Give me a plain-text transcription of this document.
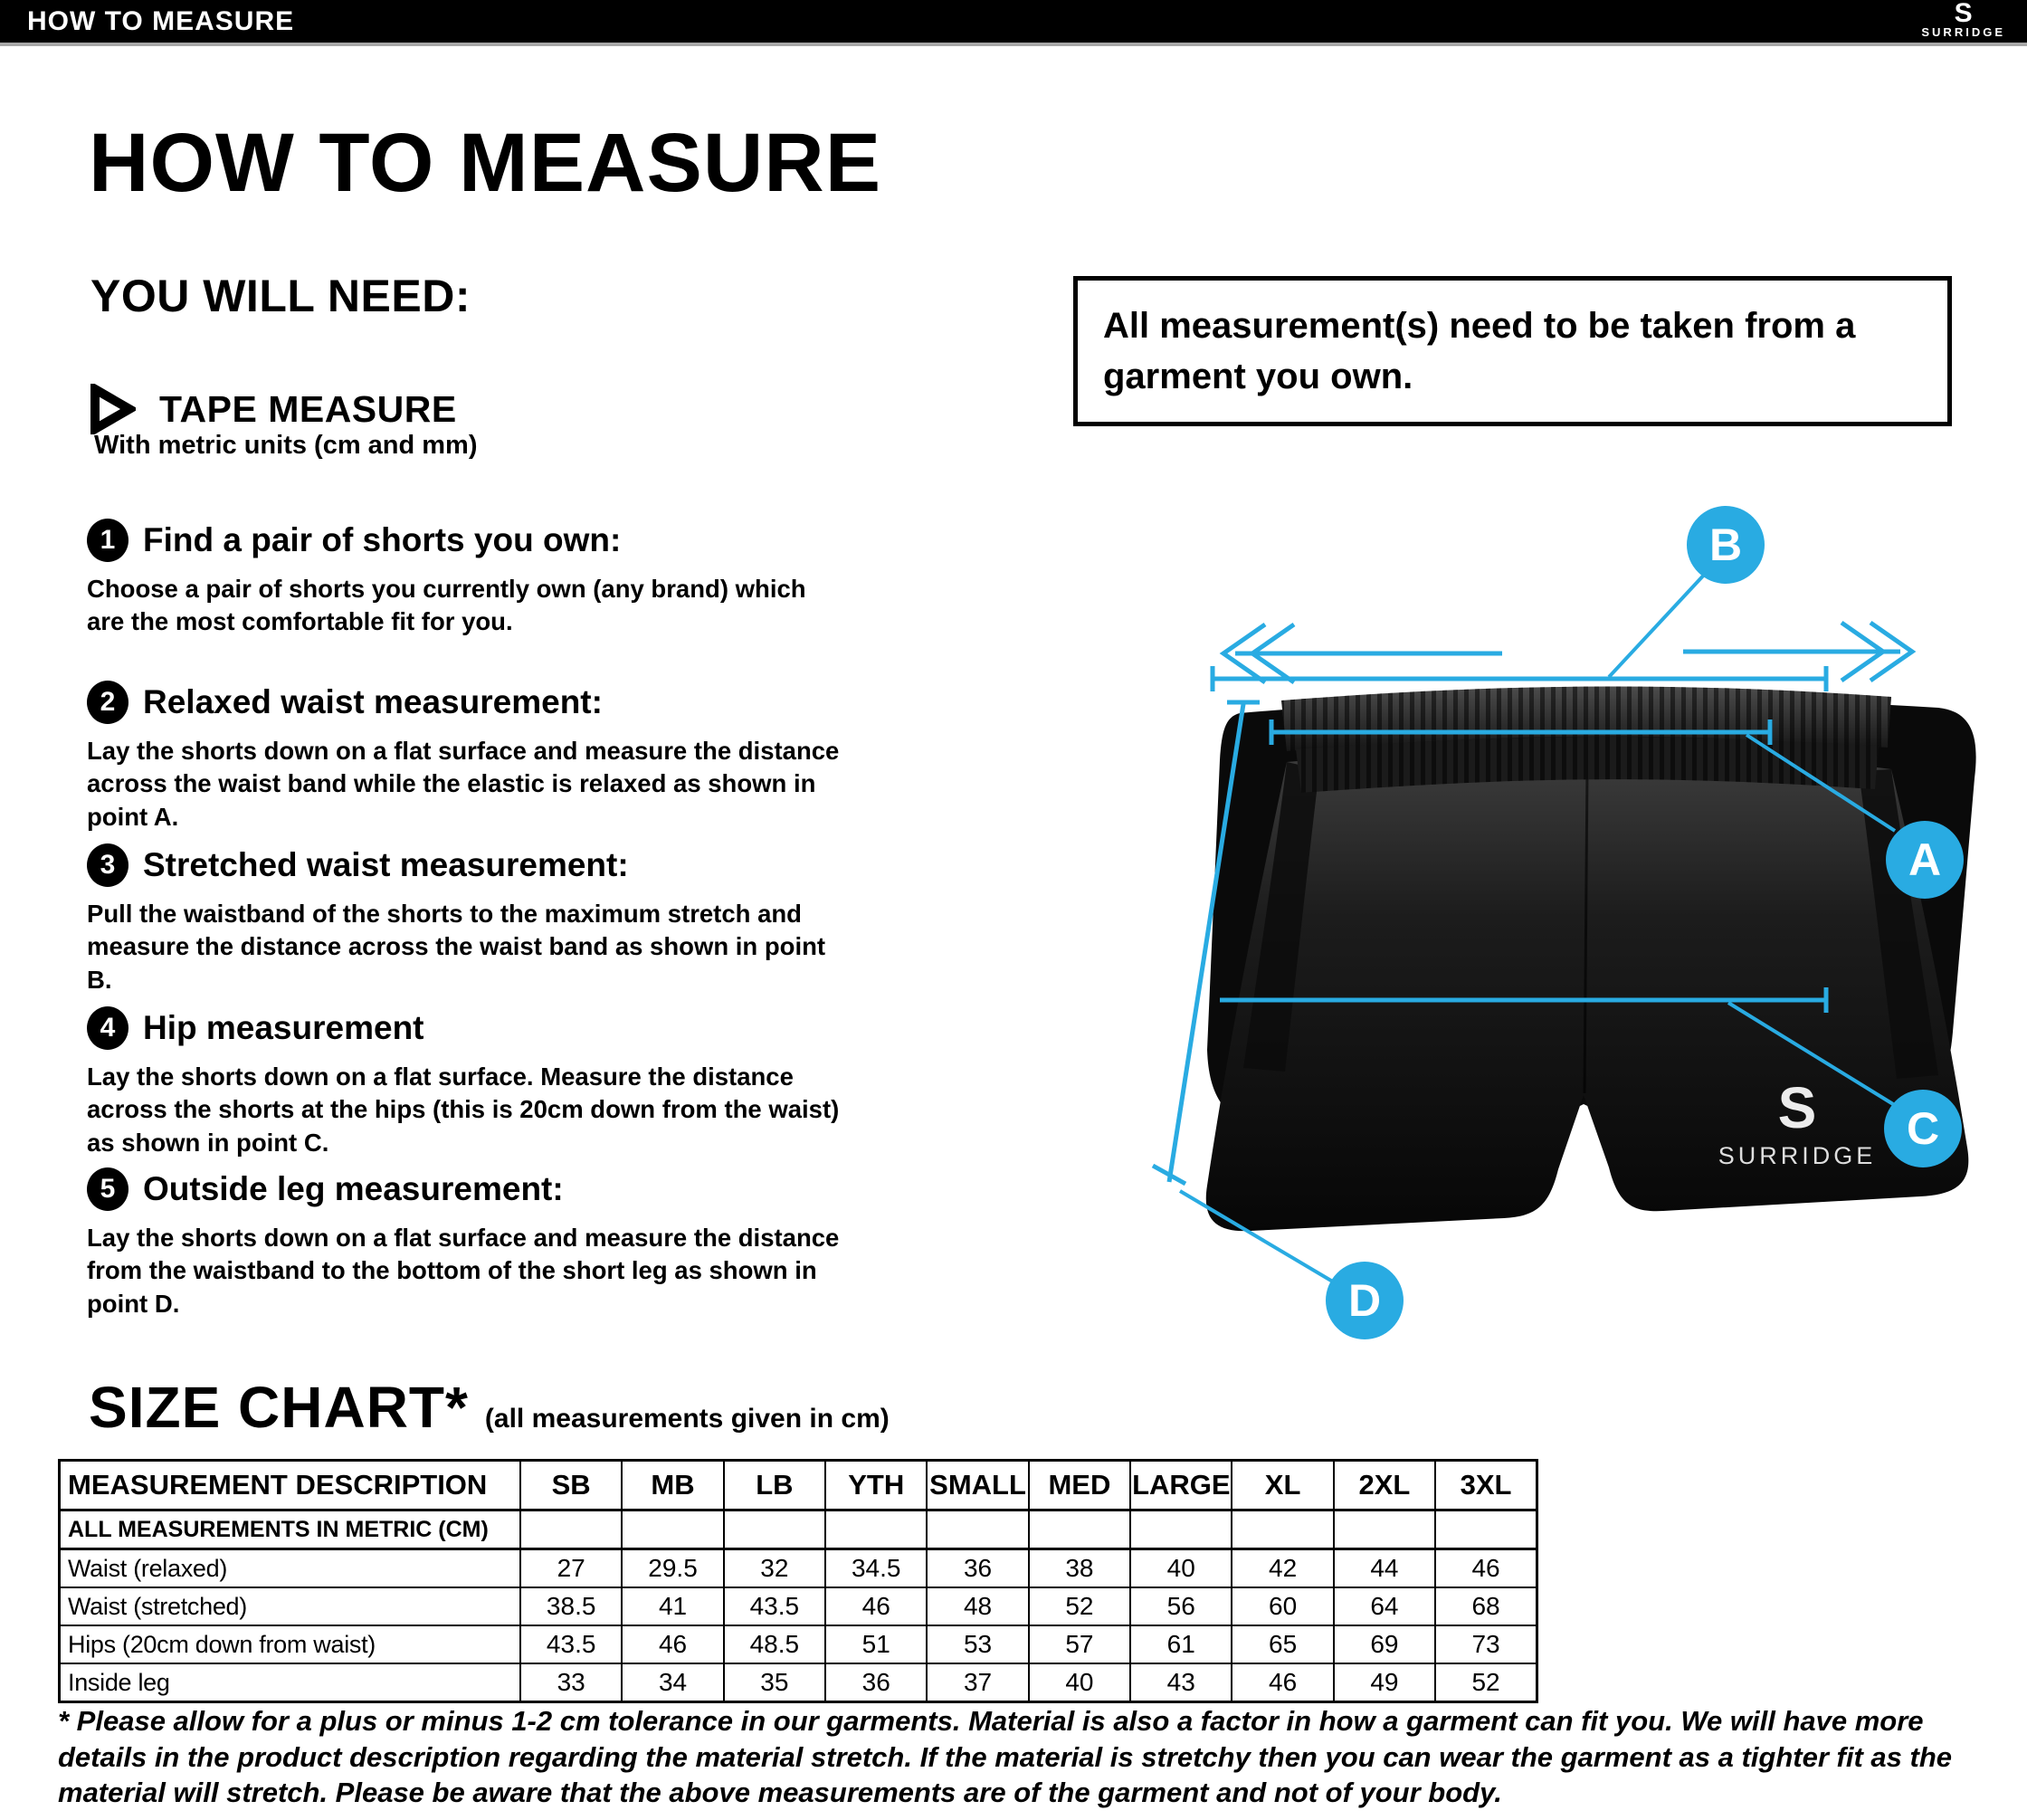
HOW TO MEASURE	S
SURRIDGE
HOW TO MEASURE
YOU WILL NEED:
TAPE MEASURE
With metric units (cm and mm)
1 Find a pair of shorts you own:
Choose a pair of shorts you currently own (any brand) which are the most comfortable fit for you.
2 Relaxed waist measurement:
Lay the shorts down on a flat surface and measure the distance across the waist band while the elastic is relaxed as shown in point A.
3 Stretched waist measurement:
Pull the waistband of the shorts to the maximum stretch and measure the distance across the waist band as shown in point B.
4 Hip measurement
Lay the shorts down on a flat surface. Measure the distance across the shorts at the hips (this is 20cm down from the waist) as shown in point C.
5 Outside leg measurement:
Lay the shorts down on a flat surface and measure the distance from the waistband to the bottom of the short leg as shown in point D.
All measurement(s) need to be taken from a garment you own.
S
SURRIDGE
B
A
C
D
SIZE CHART* (all measurements given in cm)
MEASUREMENT DESCRIPTION	SB	MB	LB	YTH	SMALL	MED	LARGE	XL	2XL	3XL
ALL MEASUREMENTS IN METRIC (CM)										
Waist (relaxed)	27	29.5	32	34.5	36	38	40	42	44	46
Waist (stretched)	38.5	41	43.5	46	48	52	56	60	64	68
Hips (20cm down from waist)	43.5	46	48.5	51	53	57	61	65	69	73
Inside leg	33	34	35	36	37	40	43	46	49	52
* Please allow for a plus or minus 1-2 cm tolerance in our garments. Material is also a factor in how a garment can fit you. We will have more details in the product description regarding the material stretch. If the material is stretchy then you can wear the garment as a tighter fit as the material will stretch. Please be aware that the above measurements are of the garment and not of your body.
